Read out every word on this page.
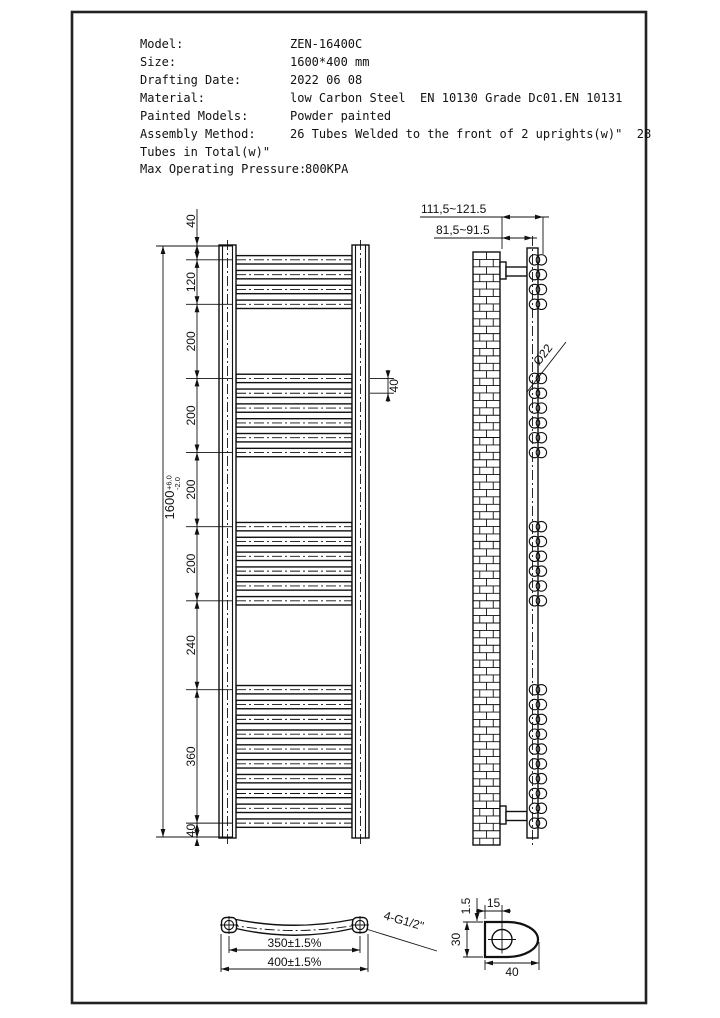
Model:	ZEN-16400C
Size:	1600*400 mm
Drafting Date:	2022 06 08
Material:	low Carbon Steel  EN 10130 Grade Dc01.EN 10131
Painted Models:	Powder painted
Assembly Method:	26 Tubes Welded to the front of 2 uprights(w)"  28
Tubes in Total(w)"
Max Operating Pressure:
800KPA
1600
+6.0 -2.0
40
120
200
200
200
200
240
360
40
40
111,5~121.5
81,5~91.5
Ø22
350±1.5%
400±1.5%
4-G1/2"
1.5 15
30
40
